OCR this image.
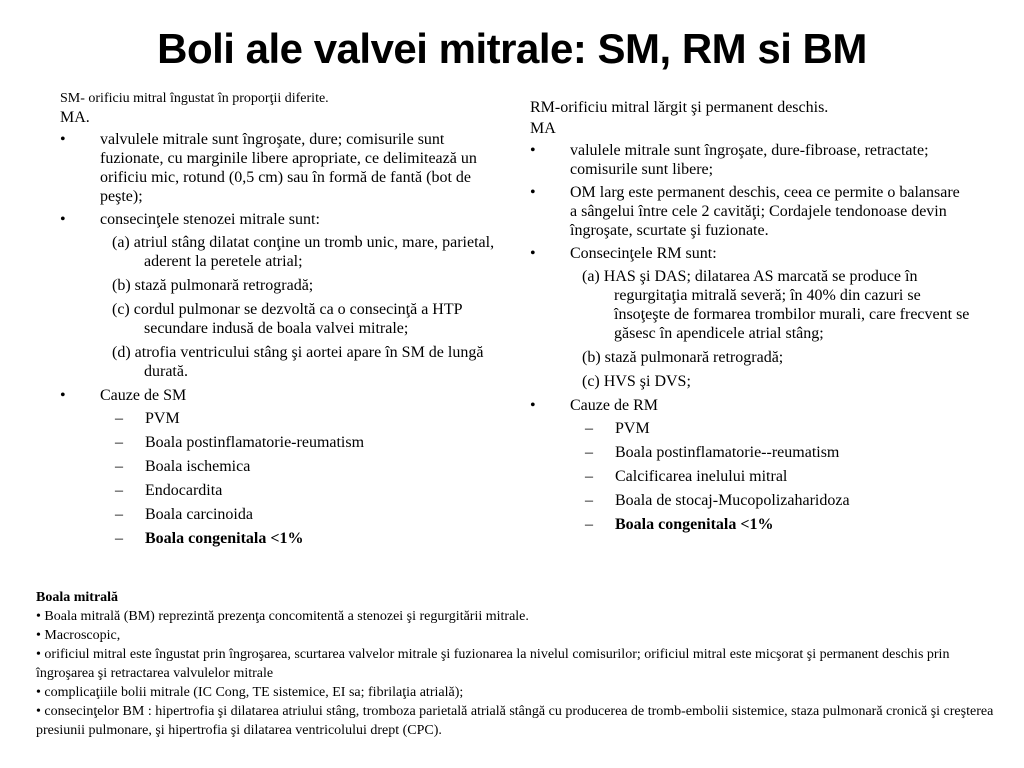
Boli ale valvei mitrale: SM, RM si BM
SM- orificiu mitral îngustat în proporţii diferite.
MA.
•	valvulele mitrale sunt îngroşate, dure; comisurile sunt fuzionate, cu marginile libere apropriate, ce delimitează un orificiu mic, rotund (0,5 cm) sau în formă de fantă (bot de peşte);
•	consecinţele stenozei mitrale sunt:
(a) atriul stâng dilatat conţine un tromb unic, mare, parietal, aderent la peretele atrial;
(b) stază pulmonară retrogradă;
(c) cordul pulmonar se dezvoltă ca o consecinţă a HTP secundare indusă de boala valvei mitrale;
(d) atrofia ventricului stâng şi aortei apare în SM de lungă durată.
•	Cauze de SM
–	PVM
–	Boala postinflamatorie-reumatism
–	Boala ischemica
–	Endocardita
–	Boala carcinoida
–	Boala congenitala <1%
RM-orificiu mitral lărgit şi permanent deschis.
MA
•	valulele mitrale sunt îngroşate, dure-fibroase, retractate; comisurile sunt libere;
•	OM larg este permanent deschis, ceea ce permite o balansare a sângelui între cele 2 cavităţi; Cordajele tendonoase devin îngroşate, scurtate şi fuzionate.
•	Consecinţele RM sunt:
(a) HAS şi DAS; dilatarea AS marcată se produce în regurgitaţia mitrală severă; în 40% din cazuri se însoţeşte de formarea trombilor murali, care frecvent se găsesc în apendicele atrial stâng;
(b) stază pulmonară retrogradă;
(c) HVS şi DVS;
•	Cauze de RM
–	PVM
–	Boala postinflamatorie--reumatism
–	Calcificarea inelului mitral
–	Boala de stocaj-Mucopolizaharidoza
–	Boala congenitala <1%
Boala mitrală
• Boala mitrală (BM) reprezintă prezenţa concomitentă a stenozei şi regurgitării mitrale.
• Macroscopic,
• orificiul mitral este îngustat prin îngroşarea, scurtarea valvelor mitrale şi fuzionarea la nivelul comisurilor; orificiul mitral este micşorat şi permanent deschis prin îngroşarea şi retractarea valvulelor mitrale
• complicaţiile bolii mitrale (IC Cong, TE sistemice, EI sa; fibrilaţia atrială);
• consecinţelor BM : hipertrofia şi dilatarea atriului stâng, tromboza parietală atrială stângă cu producerea de tromb-embolii sistemice, staza pulmonară cronică şi creşterea presiunii pulmonare, şi hipertrofia şi dilatarea ventricolului drept (CPC).
